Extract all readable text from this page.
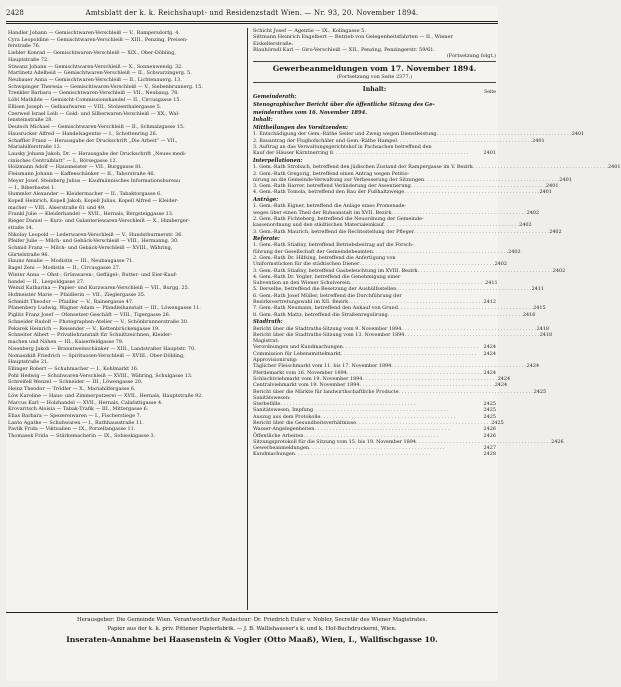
2428	Amtsblatt der k. k. Reichshaupt- und Residenzstadt Wien. — Nr. 93, 20. November 1894.
Handler Johann — Gemischtwaren-Verschleiß — V., Rampersdorfg. 4.
Cyra Leopoldine — Gemischtwaren-Verschleiß — XIII., Penzing, Preisen-
ferstraße 76.
Liebler Konrad — Gemischtwaren-Verschleiß — XIX., Ober-Döbling,
Hauptstraße 72.
Stiwanz Johann — Gemischtwaren-Verschleiß — X., Sonnenwendg. 32.
Martinetz Adelheid — Gemischtwaren-Verschleiß — II., Schwarzingerg. 5.
Neubauer Anna — Gemischtwaren-Verschleiß — II., Lichtenauerg. 13.
Schwipinger Theresia — Gemischtwaren-Verschleiß — V., Siebenbrunnerg. 15.
Trenkler Barbara — Gemischtwaren-Verschleiß — VII., Neubaug. 78.
Löbl Mathilde — Gemischt-Commissionshandel — II., Circusgasse 15.
Ellisen Joseph — Gelbaufwaren — VIII., Stolzenthalergasse 5.
Czerwed Israel Leib — Gold- und Silberwaren-Verschleiß — XX., Wal-
lensteinstraße 28.
Deutsch Michael — Gemischtwaren-Verschleiß — II., Schmalzgasse 15.
Hausrucker Alfred — Handelsagentie — I., Schottenring 26.
Schaffler Franz — Herausgabe der Druckschrift „Die Arbeit“ — VII.,
Mariahilferstraße 12.
Lausky Johann Jakob, Dr. — Herausgabe der Druckschrift „Neues medi-
cinisches Centralblatt“ — I., Börsegasse 12.
Holzmann Adolf — Hausmeister — VII., Burggasse 81.
Fleismann Johann — Kaffeeschänker — II., Taborstraße 46.
Meyer Josef, Steinberg Julius — Kaufmännisches Informationsbureau
— I., Biberbastei 1.
Hummler Alexander — Kleidermacher — II., Tabaktorgasse 6.
Kopell Heinrich, Kopell Jakob, Kopell Julius, Kopell Alfred — Kleider-
macher — VIII., Alserstraße 61 und 49.
Frankl Julie — Kleiderhandel — XVII., Hernals, Bergsteiggasse 13.
Rieger Daniel — Kurz- und Galanteriewaren-Verschleiß — X., Himberger-
straße 14.
Nikolay Leopold — Lederwaren-Verschleiß — V., Hundsthurmerstr. 36.
Pfeifer Julie — Milch- und Gebäck-Verschleiß — VIII., Hermanng. 30.
Schmid Franz — Milch- und Gebäck-Verschleiß — XVIII., Währing,
Gürtelstraße 96.
Haunz Amalie — Modistin — III., Neubaugasse 71.
Bagel Zeni — Modistin — II., Circusgasse 27.
Winter Anna — Obst-, Grünwaren-, Geflügel-, Butter- und Eier-Kauf-
handel — II., Leopoldgasse 27.
Weinzl Katharina — Papier- und Kurzwaren-Verschleiß — VII., Burgg. 25.
Hofmeister Marie — Pfaidlerin — VII., Zieglergasse 35.
Schmidt Theodor — Pfaidler — V., Rainergasse 47.
Pfanenbery Ludwig, Wagner Adam — Pfandleihanstalt — III., Löwengasse 11.
Piglitz Franz Josef — Ofensetzer-Geschäft — VIII., Tigergasse 26.
Schneider Rudolf — Photographen-Atelier — V., Schönbrunnerstraße 30.
Pekarek Heinrich — Reisender — V., Kettenbrückengasse 19.
Schneiter Albert — Privatlehranstalt für Schnittzeichnen, Kleider-
machen und Nähen — III., Kaiserfeldgasse 79.
Nisenberg Jakob — Branntweinschänker — XIII., Landstraßer Hauptstr. 70.
Nomaszkiß Friedrich — Spirituosen-Verschleiß — XVIII., Ober-Döbling,
Hauptstraße 21.
Ellinger Robert — Schuhmacher — I., Kohlmarkt 16.
Pohl Hedwig — Schuhwaren-Verschleiß — XVIII., Währing, Schulgasse 13.
Schreifell Wenzel — Schneider — III., Löwengasse 20.
Heinz Theodor — Trödler — X., Mariahilfergasse 6.
Löw Karoline — Haus- und Zimmerputzerei — XVII., Hernals, Hauptstraße 92.
Marcus Karl — Holzhandel — XVII., Hernals, Calafattigasse 4.
Krovaritsch Aloisia — Tabak-Trafik — III., Mittergasse 6.
Elias Barbara — Spezereiwaren — I., Fischerstiege 7.
Lanto Agathe — Schuhwaren — I., Rathhausstraße 11.
Pavlik Frida — Viktualien — IX., Porzellangasse 11.
Thomasek Frida — Stärkemacherin — IX., Sobieskigasse 3.
Schicht Josef — Agentie — IX., Kolingasse 5.
Sittmann Heinrich Engelbert — Betrieb von Gelegenheitsfahrten — II., Wiener
Eiskellerstraße.
Blauhörndl Karl — Giro-Verschleiß — XII., Penzing, Penzingerstr. 59/61.
(Fortsetzung folgt.)
Gewerbeanmeldungen vom 17. November 1894.
(Fortsetzung von Seite 2377.)
Inhalt:	Seite
Gemeinderath:
Stenographischer Bericht über die öffentliche Sitzung des Ge-
meinderathes vom 16. November 1894.
Inhalt:
Mittheilungen des Vorsitzenden:
1. Entschädigung der Gem.-Räthe Seiler und Zweig wegen Dienstleistung . . . . . . . . . . . . . . . . . . . . . . . . . . . . . . . . . . . . . . . . . . . . 2401
2. Bauantrag der Flughofschäler und Gem.-Räthe Hampel . . . . . . . . . . . . . . . . . . . . . . . . . . . . . . . . . . . . . . . . . . . . 2401
3. Auftrag an das Verwaltungsgerichtshof in Pachsachen betreffend den
Kauf der Häuser Kärntnerring 8 . . . . . . . . . . . . . . . . . . . . . . . . . . . . . . . . . . . . . . . . . . . .	2401
Interpellationen:
1. Gem.-Rath Strobach, betreffend den jüdischen Zustand der Rampergasse im V. Bezirk . . . . . . . . . . . . . . . . . . . . . . . . . . . . . . . . . . . . . . . . . . . . 2401
2. Gem.-Rath Gregorig, betreffend einen Antrag wegen Petitio-
nirung an die Gemeinde-Verwaltung zur Verbesserung der Sitzungen . . . . . . . . . . . . . . . . . . . . . . . . . . . . . . . . . . . . . . . . . . . . 2401
3. Gem.-Rath Harrer, betreffend Veränderung der Assentierung . . . . . . . . . . . . . . . . . . . . . . . . . . . . . . . . . . . . . . . . . . . . 2401
4. Gem.-Rath Tomola, betreffend den Bau der Fußhaltzweige . . . . . . . . . . . . . . . . . . . . . . . . . . . . . . . . . . . . . . . . . . . . 2401
Anträge:
1. Gem.-Rath Eigner, betreffend die Anlage eines Promenade-
weges über einen Theil der Ruheanstalt im XVII. Bezirk . . . . . . . . . . . . . . . . . . . . . . . . . . . . . . . . . . . . . . . . . . . . 2402
2. Gem.-Rath Fichteberg, betreffend die Neuordnung der Gemeinde-
kassenordnung und den städtischen Materialeinkauf . . . . . . . . . . . . . . . . . . . . . . . . . . . . . . . . . . . . . . . . . . . . 2402
3. Gem.-Rath Maurich, betreffend die Rechtsstellung der Pfleger . . . . . . . . . . . . . . . . . . . . . . . . . . . . . . . . . . . . . . . . . . . . 2402
Referate:
1. Gem.-Rath Stiaßny, betreffend Betriebsbeitrag auf die Forsch-
führung der Gesellschaft der Gemeindebeamten . . . . . . . . . . . . . . . . . . . . . . . . . . . . . . . . . . . . . . . . . . . . 2402
2. Gem.-Rath Dr. Hilfsing, betreffend die Anfertigung von
Uniformstücken für die städtischen Diener . . . . . . . . . . . . . . . . . . . . . . . . . . . . . . . . . . . . . . . . . . . . 2402
3. Gem.-Rath Stiaßny, betreffend Gasbeleuchtung im XVIII. Bezirk . . . . . . . . . . . . . . . . . . . . . . . . . . . . . . . . . . . . . . . . . . . . 2402
4. Gem.-Rath Dr. Vogler, betreffend die Genehmigung einer
Subvention an den Wiener Schulverein . . . . . . . . . . . . . . . . . . . . . . . . . . . . . . . . . . . . . . . . . . . . 2411
5. Derselbe, betreffend die Besetzung der Aushülfsstellen . . . . . . . . . . . . . . . . . . . . . . . . . . . . . . . . . . . . . . . . . . . . 2411
6. Gem.-Rath Josef Müller, betreffend die Durchführung der
Bezirksvertretungswahl im XII. Bezirk . . . . . . . . . . . . . . . . . . . . . . . . . . . . . . . . . . . . . . . . . . . . 2412
7. Gem.-Rath Neumann, betreffend den Ankauf von Grund . . . . . . . . . . . . . . . . . . . . . . . . . . . . . . . . . . . . . . . . . . . . 2415
8. Gem.-Rath Mattz, betreffend die Straßenregulirung . . . . . . . . . . . . . . . . . . . . . . . . . . . . . . . . . . . . . . . . . . . . 2416
Stadtrath:
Bericht über die Stadtraths-Sitzung vom 9. November 1894 . . . . . . . . . . . . . . . . . . . . . . . . . . . . . . . . . . . . . . . . . . . . 2418
Bericht über die Stadtraths-Sitzung vom 13. November 1894 . . . . . . . . . . . . . . . . . . . . . . . . . . . . . . . . . . . . . . . . . . . . 2418
Magistrat:
Verordnungen und Kundmachungen . . . . . . . . . . . . . . . . . . . . . . . . . . . . . . . . . . . . . . . . . . . .	2424
Commission für Lebensmittelmarkt . . . . . . . . . . . . . . . . . . . . . . . . . . . . . . . . . . . . . . . . . . . .	2424
Approvisionirung:
Täglicher Fleischmarkt vom 11. bis 17. November 1894 . . . . . . . . . . . . . . . . . . . . . . . . . . . . . . . . . . . . . . . . . . . . 2424
Pferdemarkt vom 16. November 1894 . . . . . . . . . . . . . . . . . . . . . . . . . . . . . . . . . . . . . . . . . . . . 2424
Schlachtviehmarkt vom 19. November 1894 . . . . . . . . . . . . . . . . . . . . . . . . . . . . . . . . . . . . . . . . . . . . 2424
Centralviehmarkt vom 19. November 1894 . . . . . . . . . . . . . . . . . . . . . . . . . . . . . . . . . . . . . . . . . . . . 2424
Bericht über die Märkte für landwirthschaftliche Producte . . . . . . . . . . . . . . . . . . . . . . . . . . . . . . . . . . . . . . . . . . . . 2425
Sanitätswesen:
Sterbefälle . . . . . . . . . . . . . . . . . . . . . . . . . . . . . . . . . . . . . . . . . . . .	2425
Sanitätswesen, Impfung . . . . . . . . . . . . . . . . . . . . . . . . . . . . . . . . . . . . . . . . . . . .	2425
Auszug aus dem Protokolle . . . . . . . . . . . . . . . . . . . . . . . . . . . . . . . . . . . . . . . . . . . .	2425
Bericht über die Gesundheitsverhältnisse . . . . . . . . . . . . . . . . . . . . . . . . . . . . . . . . . . . . . . . . . . . . 2425
Wasser-Angelegenheiten . . . . . . . . . . . . . . . . . . . . . . . . . . . . . . . . . . . . . . . . . . . .	2426
Öffentliche Arbeiten . . . . . . . . . . . . . . . . . . . . . . . . . . . . . . . . . . . . . . . . . . . .	2426
Sitzungsprotokoll für die Sitzung vom 15. bis 19. November 1894 . . . . . . . . . . . . . . . . . . . . . . . . . . . . . . . . . . . . . . . . . . . . 2426
Gewerbeanmeldungen . . . . . . . . . . . . . . . . . . . . . . . . . . . . . . . . . . . . . . . . . . . .	2427
Kundmachungen . . . . . . . . . . . . . . . . . . . . . . . . . . . . . . . . . . . . . . . . . . . .	2428
Herausgeber: Die Gemeinde Wien. Verantwortlicher Redacteur: Dr. Friedrich Euler v. Nobler, Secretär des Wiener Magistrates.
Papier aus der k. k. priv. Pittener Papierfabrik. — J. B. Wallishausser's k. und k. Hof-Buchdruckerei, Wien.
Inseraten-Annahme bei Haasenstein & Vogler (Otto Maaß), Wien, I., Wallfischgasse 10.
